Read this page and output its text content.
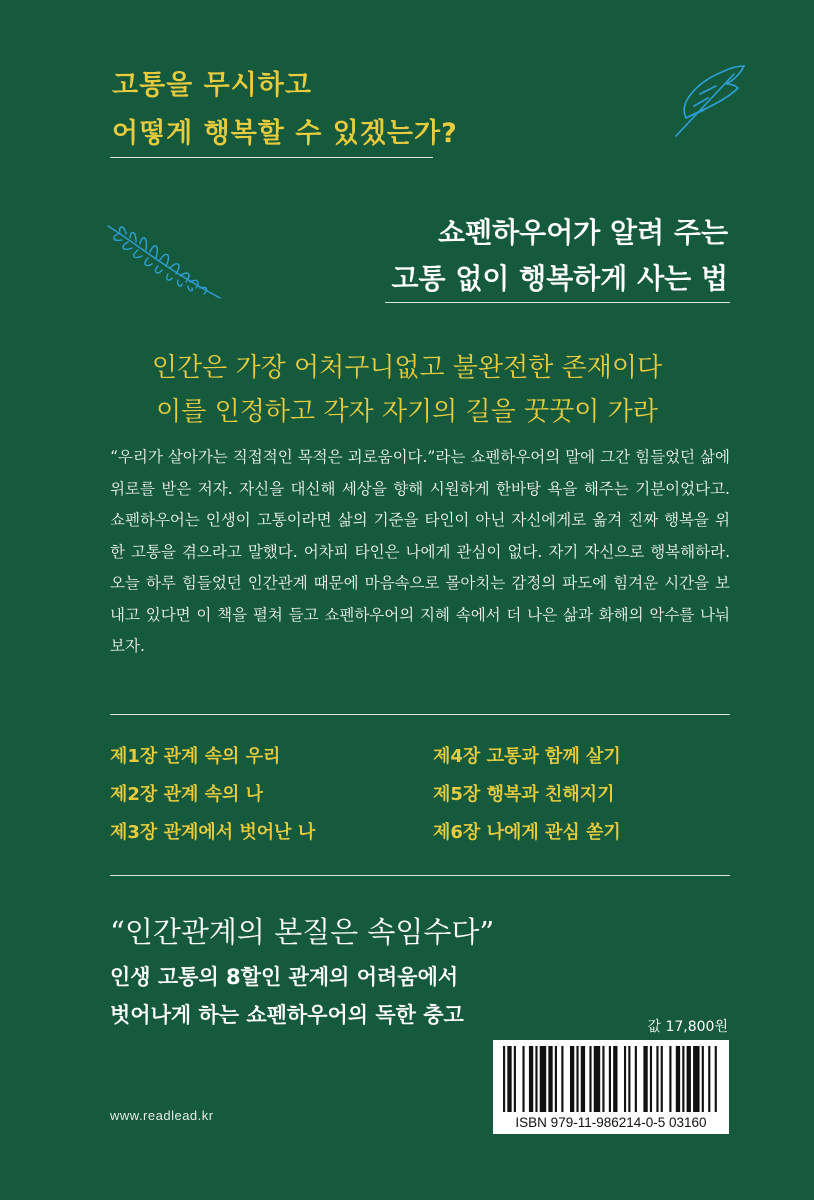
고통을 무시하고
어떻게 행복할 수 있겠는가?
쇼펜하우어가 알려 주는
고통 없이 행복하게 사는 법
인간은 가장 어처구니없고 불완전한 존재이다
이를 인정하고 각자 자기의 길을 꿋꿋이 가라
“우리가 살아가는 직접적인 목적은 괴로움이다.”라는 쇼펜하우어의 말에 그간 힘들었던 삶에 위로를 받은 저자. 자신을 대신해 세상을 향해 시원하게 한바탕 욕을 해주는 기분이었다고. 쇼펜하우어는 인생이 고통이라면 삶의 기준을 타인이 아닌 자신에게로 옮겨 진짜 행복을 위한 고통을 겪으라고 말했다. 어차피 타인은 나에게 관심이 없다. 자기 자신으로 행복해하라. 오늘 하루 힘들었던 인간관계 때문에 마음속으로 몰아치는 감정의 파도에 힘겨운 시간을 보내고 있다면 이 책을 펼쳐 들고 쇼펜하우어의 지혜 속에서 더 나은 삶과 화해의 악수를 나눠 보자.
제1장 관계 속의 우리
제2장 관계 속의 나
제3장 관계에서 벗어난 나
제4장 고통과 함께 살기
제5장 행복과 친해지기
제6장 나에게 관심 쏟기
“인간관계의 본질은 속임수다”
인생 고통의 8할인 관계의 어려움에서
벗어나게 하는 쇼펜하우어의 독한 충고	값 17,800원
ISBN 979-11-986214-0-5 03160
www.readlead.kr
